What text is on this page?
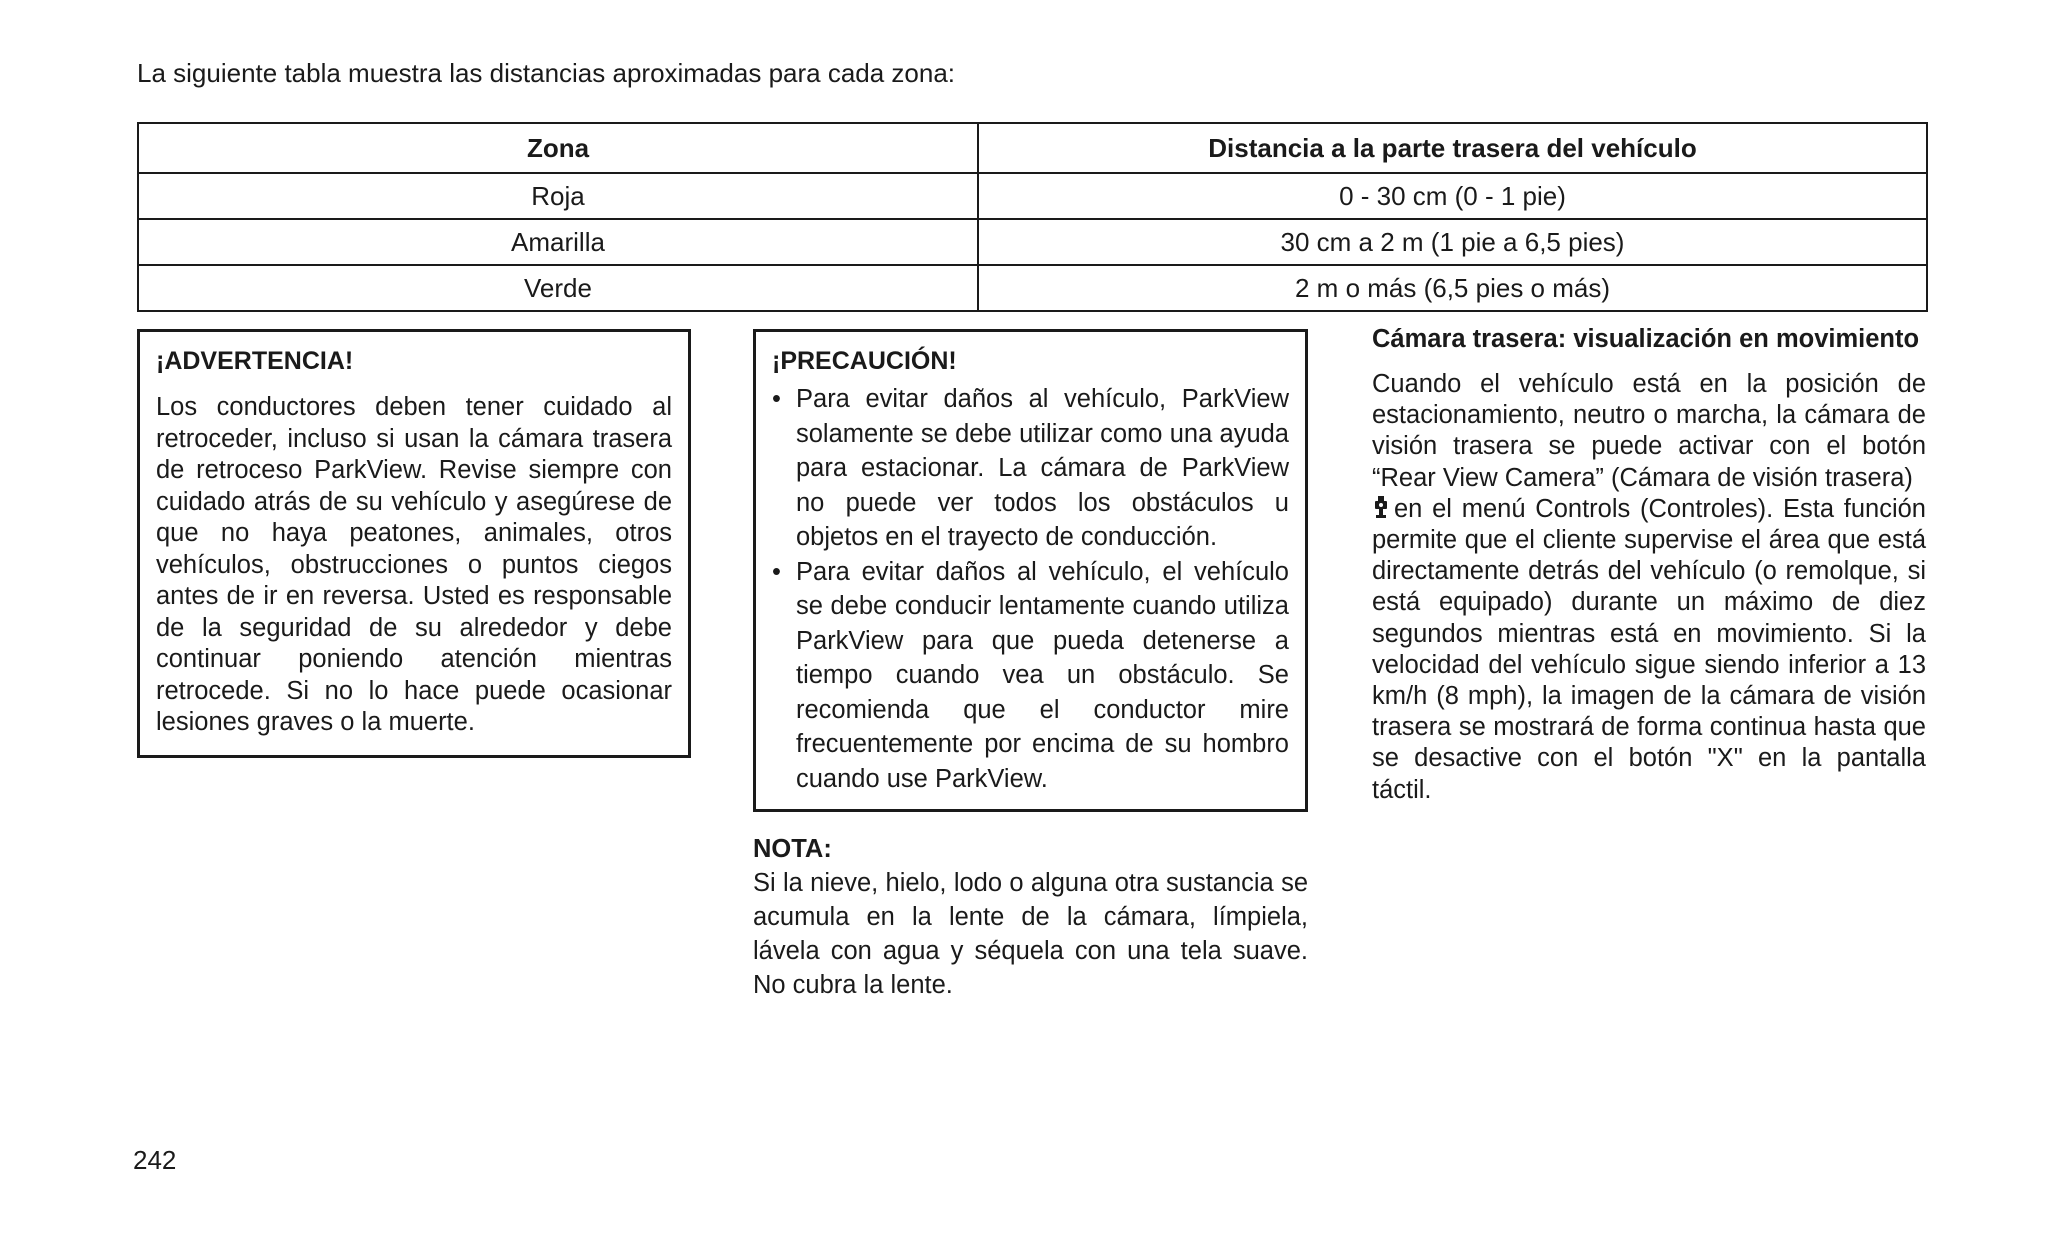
La siguiente tabla muestra las distancias aproximadas para cada zona:

Zona	Distancia a la parte trasera del vehículo
Roja	0 - 30 cm (0 - 1 pie)
Amarilla	30 cm a 2 m (1 pie a 6,5 pies)
Verde	2 m o más (6,5 pies o más)
¡ADVERTENCIA!

Los conductores deben tener cuidado al retroceder, incluso si usan la cámara trasera de retroceso ParkView. Revise siempre con cuidado atrás de su vehículo y asegúrese de que no haya peatones, animales, otros vehículos, obstrucciones o puntos ciegos antes de ir en reversa. Usted es responsable de la seguridad de su alrededor y debe continuar poniendo atención mientras retrocede. Si no lo hace puede ocasionar lesiones graves o la muerte.

¡PRECAUCIÓN!
• Para evitar daños al vehículo, ParkView solamente se debe utilizar como una ayuda para estacionar. La cámara de ParkView no puede ver todos los obstáculos u objetos en el trayecto de conducción.
• Para evitar daños al vehículo, el vehículo se debe conducir lentamente cuando utiliza ParkView para que pueda detenerse a tiempo cuando vea un obstáculo. Se recomienda que el conductor mire frecuentemente por encima de su hombro cuando use ParkView.
NOTA:

Si la nieve, hielo, lodo o alguna otra sustancia se acumula en la lente de la cámara, límpiela, lávela con agua y séquela con una tela suave. No cubra la lente.

Cámara trasera: visualización en movimiento

Cuando el vehículo está en la posición de estacionamiento, neutro o marcha, la cámara de visión trasera se puede activar con el botón “Rear View Camera” (Cámara de visión trasera)
en el menú Controls (Controles). Esta función permite que el cliente supervise el área que está directamente detrás del vehículo (o remolque, si está equipado) durante un máximo de diez segundos mientras está en movimiento. Si la velocidad del vehículo sigue siendo inferior a 13 km/h (8 mph), la imagen de la cámara de visión trasera se mostrará de forma continua hasta que se desactive con el botón "X" en la pantalla táctil.

242
